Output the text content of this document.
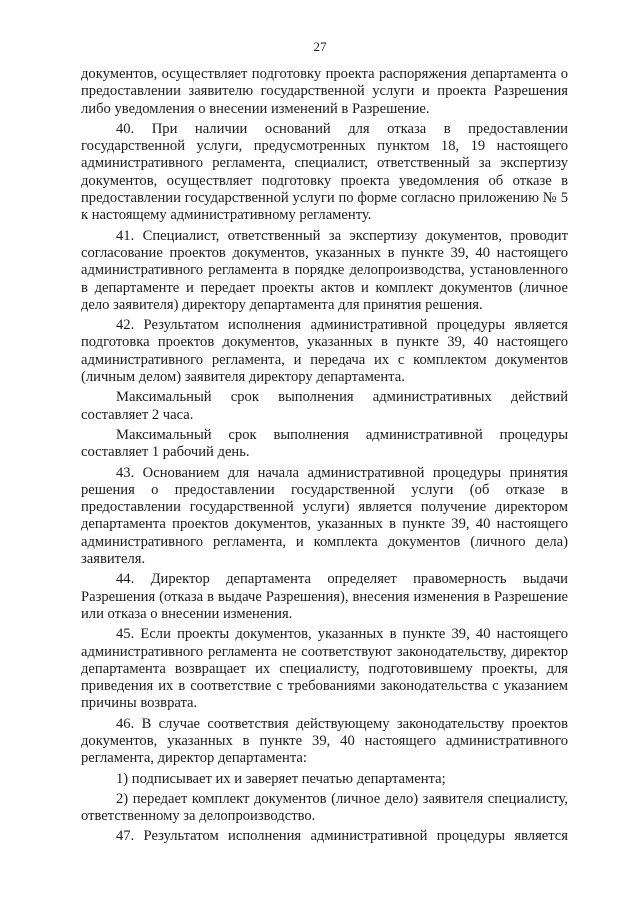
27

документов, осуществляет подготовку проекта распоряжения департамента о предоставлении заявителю государственной услуги и проекта Разрешения либо уведомления о внесении изменений в Разрешение.

40. При наличии оснований для отказа в предоставлении государственной услуги, предусмотренных пунктом 18, 19 настоящего административного регламента, специалист, ответственный за экспертизу документов, осуществляет подготовку проекта уведомления об отказе в предоставлении государственной услуги по форме согласно приложению № 5 к настоящему административному регламенту.

41. Специалист, ответственный за экспертизу документов, проводит согласование проектов документов, указанных в пункте 39, 40 настоящего административного регламента в порядке делопроизводства, установленного в департаменте и передает проекты актов и комплект документов (личное дело заявителя) директору департамента для принятия решения.

42. Результатом исполнения административной процедуры является подготовка проектов документов, указанных в пункте 39, 40 настоящего административного регламента, и передача их с комплектом документов (личным делом) заявителя директору департамента.

Максимальный срок выполнения административных действий составляет 2 часа.

Максимальный срок выполнения административной процедуры составляет 1 рабочий день.

43. Основанием для начала административной процедуры принятия решения о предоставлении государственной услуги (об отказе в предоставлении государственной услуги) является получение директором департамента проектов документов, указанных в пункте 39, 40 настоящего административного регламента, и комплекта документов (личного дела) заявителя.

44. Директор департамента определяет правомерность выдачи Разрешения (отказа в выдаче Разрешения), внесения изменения в Разрешение или отказа о внесении изменения.

45. Если проекты документов, указанных в пункте 39, 40 настоящего административного регламента не соответствуют законодательству, директор департамента возвращает их специалисту, подготовившему проекты, для приведения их в соответствие с требованиями законодательства с указанием причины возврата.

46. В случае соответствия действующему законодательству проектов документов, указанных в пункте 39, 40 настоящего административного регламента, директор департамента:

1) подписывает их и заверяет печатью департамента;

2) передает комплект документов (личное дело) заявителя специалисту, ответственному за делопроизводство.

47. Результатом исполнения административной процедуры является
